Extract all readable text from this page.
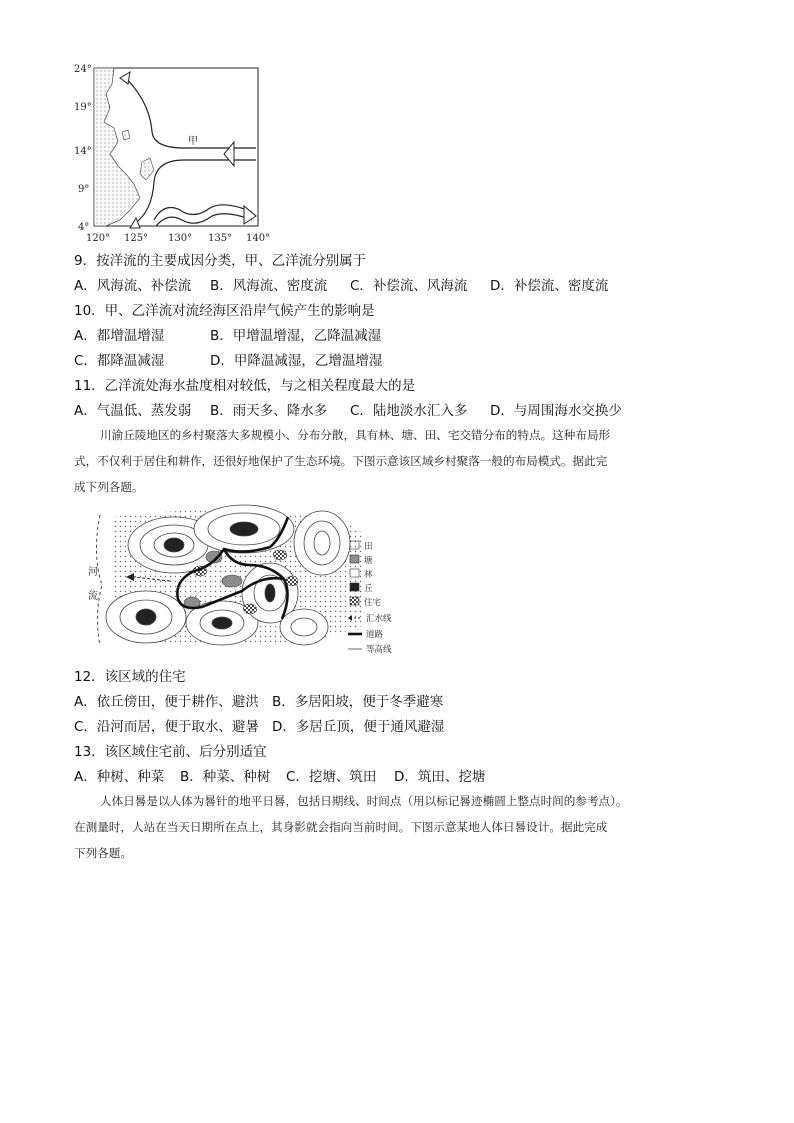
甲
24°
19°
14°
9°
4°
120° 125° 130° 135° 140°
9．按洋流的主要成因分类，甲、乙洋流分别属于
A．风海流、补偿流 B．风海流、密度流 C．补偿流、风海流 D．补偿流、密度流
10．甲、乙洋流对流经海区沿岸气候产生的影响是
A．都增温增湿	B．甲增温增湿，乙降温减湿
C．都降温减湿	D．甲降温减湿，乙增温增湿
11．乙洋流处海水盐度相对较低，与之相关程度最大的是
A．气温低、蒸发弱 B．雨天多、降水多 C．陆地淡水汇入多 D．与周围海水交换少
川渝丘陵地区的乡村聚落大多规模小、分布分散，具有林、塘、田、宅交错分布的特点。这种布局形
式，不仅利于居住和耕作，还很好地保护了生态环境。下图示意该区域乡村聚落一般的布局模式。据此完
成下列各题。
河
流
田
塘
林
丘
住宅
汇水线
道路
等高线
12．该区域的住宅
A．依丘傍田，便于耕作、避洪 B．多居阳坡，便于冬季避寒
C．沿河而居，便于取水、避暑 D．多居丘顶，便于通风避湿
13．该区域住宅前、后分别适宜
A．种树、种菜 B．种菜、种树 C．挖塘、筑田 D．筑田、挖塘
人体日晷是以人体为晷针的地平日晷，包括日期线、时间点（用以标记晷迹椭圆上整点时间的参考点）。
在测量时，人站在当天日期所在点上，其身影就会指向当前时间。下图示意某地人体日晷设计。据此完成
下列各题。
